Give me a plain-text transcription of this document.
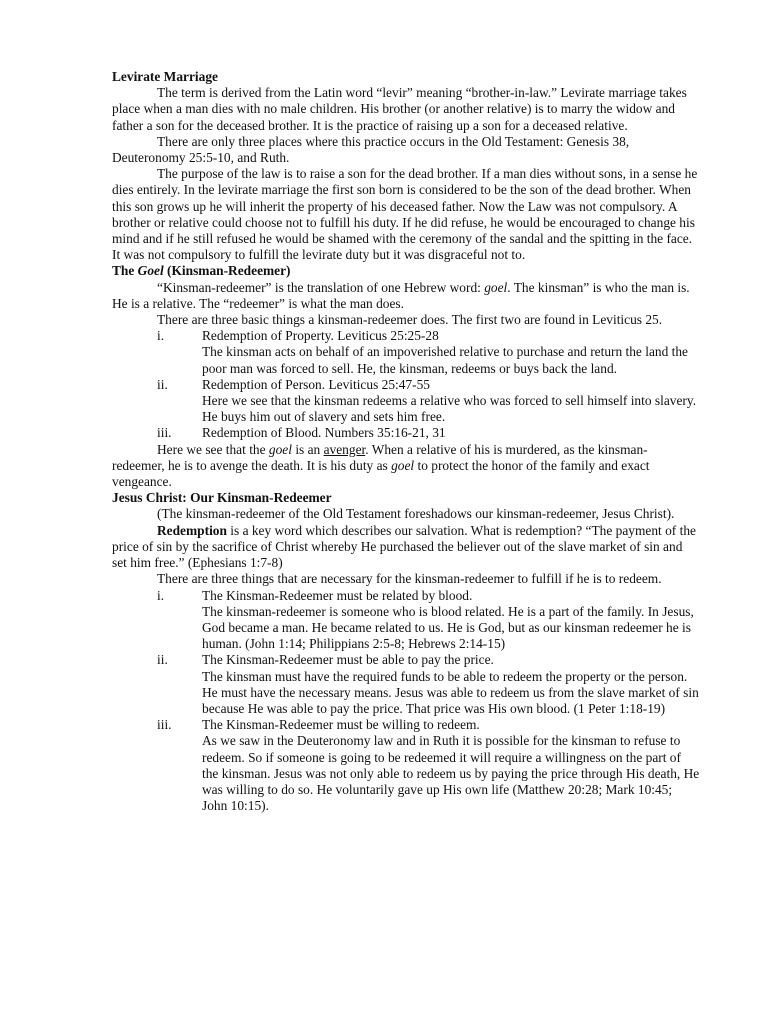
Levirate Marriage

The term is derived from the Latin word “levir” meaning “brother-in-law.” Levirate marriage takes place when a man dies with no male children. His brother (or another relative) is to marry the widow and father a son for the deceased brother. It is the practice of raising up a son for a deceased relative.

There are only three places where this practice occurs in the Old Testament: Genesis 38, Deuteronomy 25:5-10, and Ruth.

The purpose of the law is to raise a son for the dead brother. If a man dies without sons, in a sense he dies entirely. In the levirate marriage the first son born is considered to be the son of the dead brother. When this son grows up he will inherit the property of his deceased father. Now the Law was not compulsory. A brother or relative could choose not to fulfill his duty. If he did refuse, he would be encouraged to change his mind and if he still refused he would be shamed with the ceremony of the sandal and the spitting in the face. It was not compulsory to fulfill the levirate duty but it was disgraceful not to.

The Goel (Kinsman-Redeemer)

“Kinsman-redeemer” is the translation of one Hebrew word: goel. The kinsman” is who the man is. He is a relative. The “redeemer” is what the man does.

There are three basic things a kinsman-redeemer does. The first two are found in Leviticus 25.

i.	Redemption of Property. Leviticus 25:25-28

The kinsman acts on behalf of an impoverished relative to purchase and return the land the poor man was forced to sell. He, the kinsman, redeems or buys back the land.

ii.	Redemption of Person. Leviticus 25:47-55

Here we see that the kinsman redeems a relative who was forced to sell himself into slavery. He buys him out of slavery and sets him free.

iii. Redemption of Blood. Numbers 35:16-21, 31

Here we see that the goel is an avenger. When a relative of his is murdered, as the kinsman-redeemer, he is to avenge the death. It is his duty as goel to protect the honor of the family and exact vengeance.

Jesus Christ: Our Kinsman-Redeemer

(The kinsman-redeemer of the Old Testament foreshadows our kinsman-redeemer, Jesus Christ).

Redemption is a key word which describes our salvation. What is redemption? “The payment of the price of sin by the sacrifice of Christ whereby He purchased the believer out of the slave market of sin and set him free.” (Ephesians 1:7-8)

There are three things that are necessary for the kinsman-redeemer to fulfill if he is to redeem.

i.	The Kinsman-Redeemer must be related by blood.

The kinsman-redeemer is someone who is blood related. He is a part of the family. In Jesus, God became a man. He became related to us. He is God, but as our kinsman redeemer he is human. (John 1:14; Philippians 2:5-8; Hebrews 2:14-15)

ii.	The Kinsman-Redeemer must be able to pay the price.

The kinsman must have the required funds to be able to redeem the property or the person. He must have the necessary means. Jesus was able to redeem us from the slave market of sin because He was able to pay the price. That price was His own blood. (1 Peter 1:18-19)

iii. The Kinsman-Redeemer must be willing to redeem.

As we saw in the Deuteronomy law and in Ruth it is possible for the kinsman to refuse to redeem. So if someone is going to be redeemed it will require a willingness on the part of the kinsman. Jesus was not only able to redeem us by paying the price through His death, He was willing to do so. He voluntarily gave up His own life (Matthew 20:28; Mark 10:45; John 10:15).
